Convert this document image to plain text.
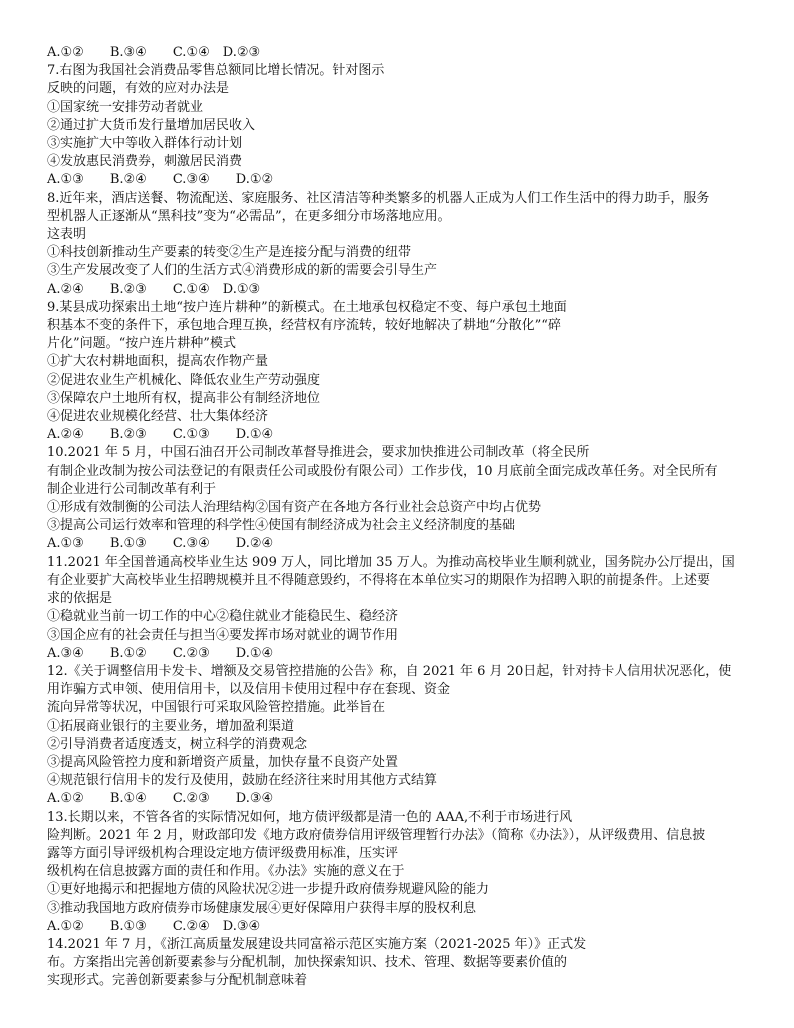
A.①②　　B.③④　　C.①④　D.②③
7.右图为我国社会消费品零售总额同比增长情况。针对图示
反映的问题，有效的应对办法是
①国家统一安排劳动者就业
②通过扩大货币发行量增加居民收入
③实施扩大中等收入群体行动计划
④发放惠民消费券，刺激居民消费
A.①③　　B.②④　　C.③④　　D.①②
8.近年来，酒店送餐、物流配送、家庭服务、社区清洁等种类繁多的机器人正成为人们工作生活中的得力助手，服务
型机器人正逐渐从“黑科技”变为“必需品”，在更多细分市场落地应用。
这表明
①科技创新推动生产要素的转变②生产是连接分配与消费的纽带
③生产发展改变了人们的生活方式④消费形成的新的需要会引导生产
A.②④　　B.②③　　C.①④　D.①③
9.某县成功探索出土地“按户连片耕种”的新模式。在土地承包权稳定不变、每户承包土地面
积基本不变的条件下，承包地合理互换，经营权有序流转，较好地解决了耕地“分散化”“碎
片化”问题。“按户连片耕种”模式
①扩大农村耕地面积，提高农作物产量
②促进农业生产机械化、降低农业生产劳动强度
③保障农户土地所有权，提高非公有制经济地位
④促进农业规模化经营、壮大集体经济
A.②④　　B.②③　　C.①③　　D.①④
10.2021 年 5 月，中国石油召开公司制改革督导推进会，要求加快推进公司制改革（将全民所
有制企业改制为按公司法登记的有限责任公司或股份有限公司）工作步伐，10 月底前全面完成改革任务。对全民所有
制企业进行公司制改革有利于
①形成有效制衡的公司法人治理结构②国有资产在各地方各行业社会总资产中均占优势
③提高公司运行效率和管理的科学性④使国有制经济成为社会主义经济制度的基础
A.①③　　B.①③　　C.③④　　D.②④
11.2021 年全国普通高校毕业生达 909 万人，同比增加 35 万人。为推动高校毕业生顺利就业，国务院办公厅提出，国
有企业要扩大高校毕业生招聘规模并且不得随意毁约，不得将在本单位实习的期限作为招聘入职的前提条件。上述要
求的依据是
①稳就业当前一切工作的中心②稳住就业才能稳民生、稳经济
③国企应有的社会责任与担当④要发挥市场对就业的调节作用
A.③④　　B.①②　　C.②③　　D.①④
12.《关于调整信用卡发卡、增额及交易管控措施的公告》称，自 2021 年 6 月 20日起，针对持卡人信用状况恶化，使
用诈骗方式申领、使用信用卡，以及信用卡使用过程中存在套现、资金
流向异常等状况，中国银行可采取风险管控措施。此举旨在
①拓展商业银行的主要业务，增加盈利渠道
②引导消费者适度透支，树立科学的消费观念
③提高风险管控力度和新增资产质量，加快存量不良资产处置
④规范银行信用卡的发行及使用，鼓励在经济往来时用其他方式结算
A.①②　　B.①④　　C.②③　　D.③④
13.长期以来，不管各省的实际情况如何，地方债评级都是清一色的 AAA,不利于市场进行风
险判断。2021 年 2 月，财政部印发《地方政府债券信用评级管理暂行办法》（简称《办法》），从评级费用、信息披
露等方面引导评级机构合理设定地方债评级费用标准，压实评
级机构在信息披露方面的责任和作用。《办法》实施的意义在于
①更好地揭示和把握地方债的风险状况②进一步提升政府债券规避风险的能力
③推动我国地方政府债券市场健康发展④更好保障用户获得丰厚的股权利息
A.①②　　B.①③　　C.②④　D.③④
14.2021 年 7 月，《浙江高质量发展建设共同富裕示范区实施方案（2021-2025 年）》正式发
布。方案指出完善创新要素参与分配机制，加快探索知识、技术、管理、数据等要素价值的
实现形式。完善创新要素参与分配机制意味着
